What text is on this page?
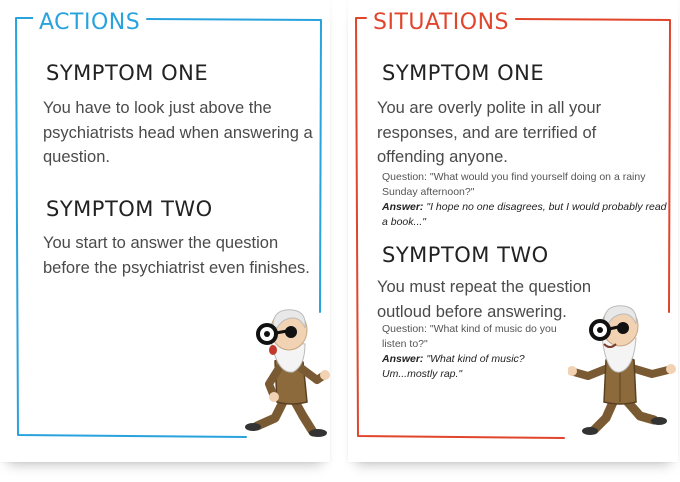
ACTIONS
SYMPTOM ONE
You have to look just above the psychiatrists head when answering a question.
SYMPTOM TWO
You start to answer the question before the psychiatrist even finishes.
SITUATIONS
SYMPTOM ONE
You are overly polite in all your responses, and are terrified of offending anyone.
Question: "What would you find yourself doing on a rainy Sunday afternoon?"
Answer: "I hope no one disagrees, but I would probably read a book..."
SYMPTOM TWO
You must repeat the question outloud before answering.
Question: "What kind of music do you listen to?"
Answer: "What kind of music? Um...mostly rap."
